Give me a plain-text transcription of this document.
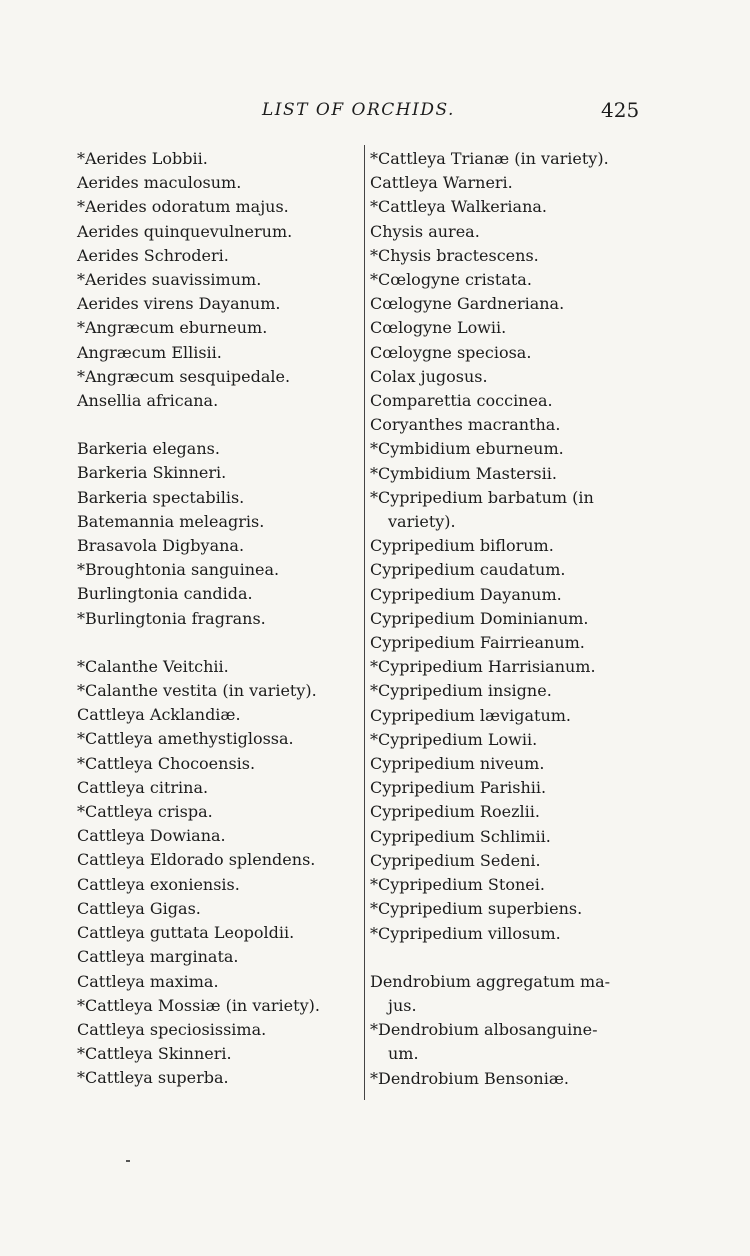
LIST OF ORCHIDS.	425
*Aerides Lobbii.
Aerides maculosum.
*Aerides odoratum majus.
Aerides quinquevulnerum.
Aerides Schroderi.
*Aerides suavissimum.
Aerides virens Dayanum.
*Angræcum eburneum.
Angræcum Ellisii.
*Angræcum sesquipedale.
Ansellia africana.
Barkeria elegans.
Barkeria Skinneri.
Barkeria spectabilis.
Batemannia meleagris.
Brasavola Digbyana.
*Broughtonia sanguinea.
Burlingtonia candida.
*Burlingtonia fragrans.
*Calanthe Veitchii.
*Calanthe vestita (in variety).
Cattleya Acklandiæ.
*Cattleya amethystiglossa.
*Cattleya Chocoensis.
Cattleya citrina.
*Cattleya crispa.
Cattleya Dowiana.
Cattleya Eldorado splendens.
Cattleya exoniensis.
Cattleya Gigas.
Cattleya guttata Leopoldii.
Cattleya marginata.
Cattleya maxima.
*Cattleya Mossiæ (in variety).
Cattleya speciosissima.
*Cattleya Skinneri.
*Cattleya superba.
*Cattleya Trianæ (in variety).
Cattleya Warneri.
*Cattleya Walkeriana.
Chysis aurea.
*Chysis bractescens.
*Cœlogyne cristata.
Cœlogyne Gardneriana.
Cœlogyne Lowii.
Cœloygne speciosa.
Colax jugosus.
Comparettia coccinea.
Coryanthes macrantha.
*Cymbidium eburneum.
*Cymbidium Mastersii.
*Cypripedium barbatum (in
variety).
Cypripedium biflorum.
Cypripedium caudatum.
Cypripedium Dayanum.
Cypripedium Dominianum.
Cypripedium Fairrieanum.
*Cypripedium Harrisianum.
*Cypripedium insigne.
Cypripedium lævigatum.
*Cypripedium Lowii.
Cypripedium niveum.
Cypripedium Parishii.
Cypripedium Roezlii.
Cypripedium Schlimii.
Cypripedium Sedeni.
*Cypripedium Stonei.
*Cypripedium superbiens.
*Cypripedium villosum.
Dendrobium aggregatum ma-
jus.
*Dendrobium albosanguine-
um.
*Dendrobium Bensoniæ.
